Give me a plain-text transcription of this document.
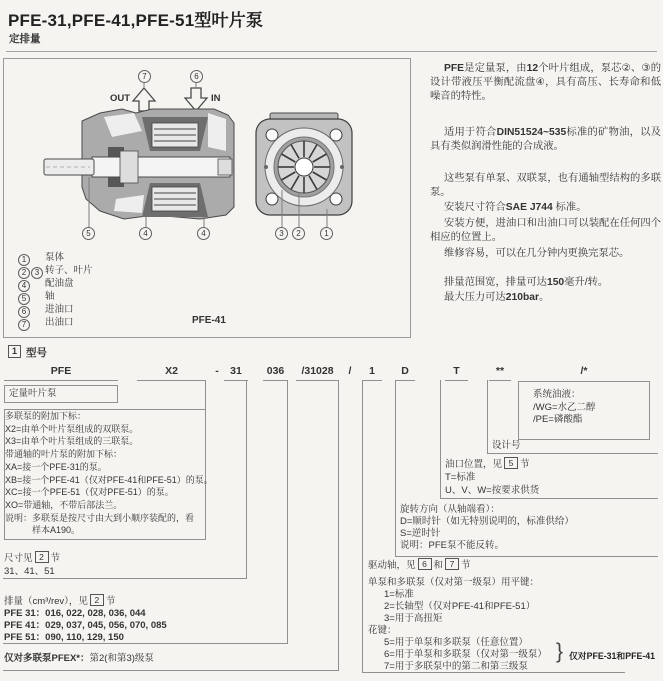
PFE-31,PFE-41,PFE-51型叶片泵
定排量
7	6
OUT	IN
5	4	4	3	2	1
1 泵体
2 3 转子、叶片
4 配油盘
5 轴
6 进油口
7 出油口	PFE-41

PFE是定量泵，由12个叶片组成，泵芯②、③的设计带液压平衡配流盘④，具有高压、长寿命和低噪音的特性。

适用于符合DIN51524~535标准的矿物油，以及具有类似润滑性能的合成液。

这些泵有单泵、双联泵，也有通轴型结构的多联泵。

安装尺寸符合SAE J744 标准。

安装方便，进油口和出油口可以装配在任何四个相应的位置上。

维修容易，可以在几分钟内更换完泵芯。

排量范围宽，排量可达150毫升/转。

最大压力可达210bar。

1 型号
PFE	X2	-	31	036	/31028	/	1	D	T	**	/*
定量叶片泵
多联泵的附加下标：
X2=由单个叶片泵组成的双联泵。
X3=由单个叶片泵组成的三联泵。
带通轴的叶片泵的附加下标：
XA=接一个PFE-31的泵。
XB=接一个PFE-41（仅对PFE-41和PFE-51）的泵。
XC=接一个PFE-51（仅对PFE-51）的泵。
XO=带通轴，不带后部法兰。
说明：多联泵是按尺寸由大到小顺序装配的，看样本A190。
尺寸见 2 节
31、41、51
排量（cm³/rev），见 2 节
PFE 31：016, 022, 028, 036, 044
PFE 41：029, 037, 045, 056, 070, 085
PFE 51：090, 110, 129, 150
仅对多联泵PFEX*：第2(和第3)级泵
驱动轴，见 6 和 7 节
单泵和多联泵（仅对第一级泵）用平键：
1=标准
2=长轴型（仅对PFE-41和PFE-51）
3=用于高扭矩
花键：
5=用于单泵和多联泵（任意位置）
6=用于单泵和多联泵（仅对第一级泵）
7=用于多联泵中的第二和第三级泵
} 仅对PFE-31和PFE-41
旋转方向（从轴端看）：
D=顺时针（如无特别说明的，标准供给）
S=逆时针
说明：PFE泵不能反转。
油口位置，见 5 节
T=标准
U、V、W=按要求供货
设计号
系统油液：
/WG=水乙二醇
/PE=磷酸酯
